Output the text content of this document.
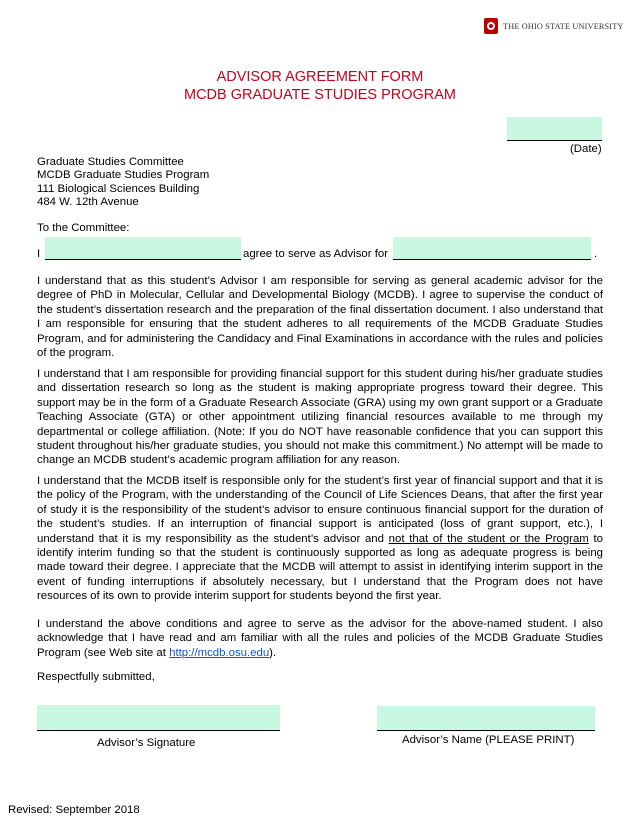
THE OHIO STATE UNIVERSITY
ADVISOR AGREEMENT FORM
MCDB GRADUATE STUDIES PROGRAM
(Date)
Graduate Studies Committee
MCDB Graduate Studies Program
111 Biological Sciences Building
484 W. 12th Avenue
To the Committee:
I	agree to serve as Advisor for	.
I understand that as this student’s Advisor I am responsible for serving as general academic advisor for the degree of PhD in Molecular, Cellular and Developmental Biology (MCDB). I agree to supervise the conduct of the student’s dissertation research and the preparation of the final dissertation document. I also understand that I am responsible for ensuring that the student adheres to all requirements of the MCDB Graduate Studies Program, and for administering the Candidacy and Final Examinations in accordance with the rules and policies of the program.
I understand that I am responsible for providing financial support for this student during his/her graduate studies and dissertation research so long as the student is making appropriate progress toward their degree. This support may be in the form of a Graduate Research Associate (GRA) using my own grant support or a Graduate Teaching Associate (GTA) or other appointment utilizing financial resources available to me through my departmental or college affiliation. (Note: If you do NOT have reasonable confidence that you can support this student throughout his/her graduate studies, you should not make this commitment.) No attempt will be made to change an MCDB student’s academic program affiliation for any reason.
I understand that the MCDB itself is responsible only for the student’s first year of financial support and that it is the policy of the Program, with the understanding of the Council of Life Sciences Deans, that after the first year of study it is the responsibility of the student’s advisor to ensure continuous financial support for the duration of the student’s studies. If an interruption of financial support is anticipated (loss of grant support, etc.), I understand that it is my responsibility as the student’s advisor and not that of the student or the Program to identify interim funding so that the student is continuously supported as long as adequate progress is being made toward their degree. I appreciate that the MCDB will attempt to assist in identifying interim support in the event of funding interruptions if absolutely necessary, but I understand that the Program does not have resources of its own to provide interim support for students beyond the first year.
I understand the above conditions and agree to serve as the advisor for the above-named student. I also acknowledge that I have read and am familiar with all the rules and policies of the MCDB Graduate Studies Program (see Web site at http://mcdb.osu.edu).
Respectfully submitted,
Advisor’s Signature	Advisor’s Name (PLEASE PRINT)
Revised: September 2018
